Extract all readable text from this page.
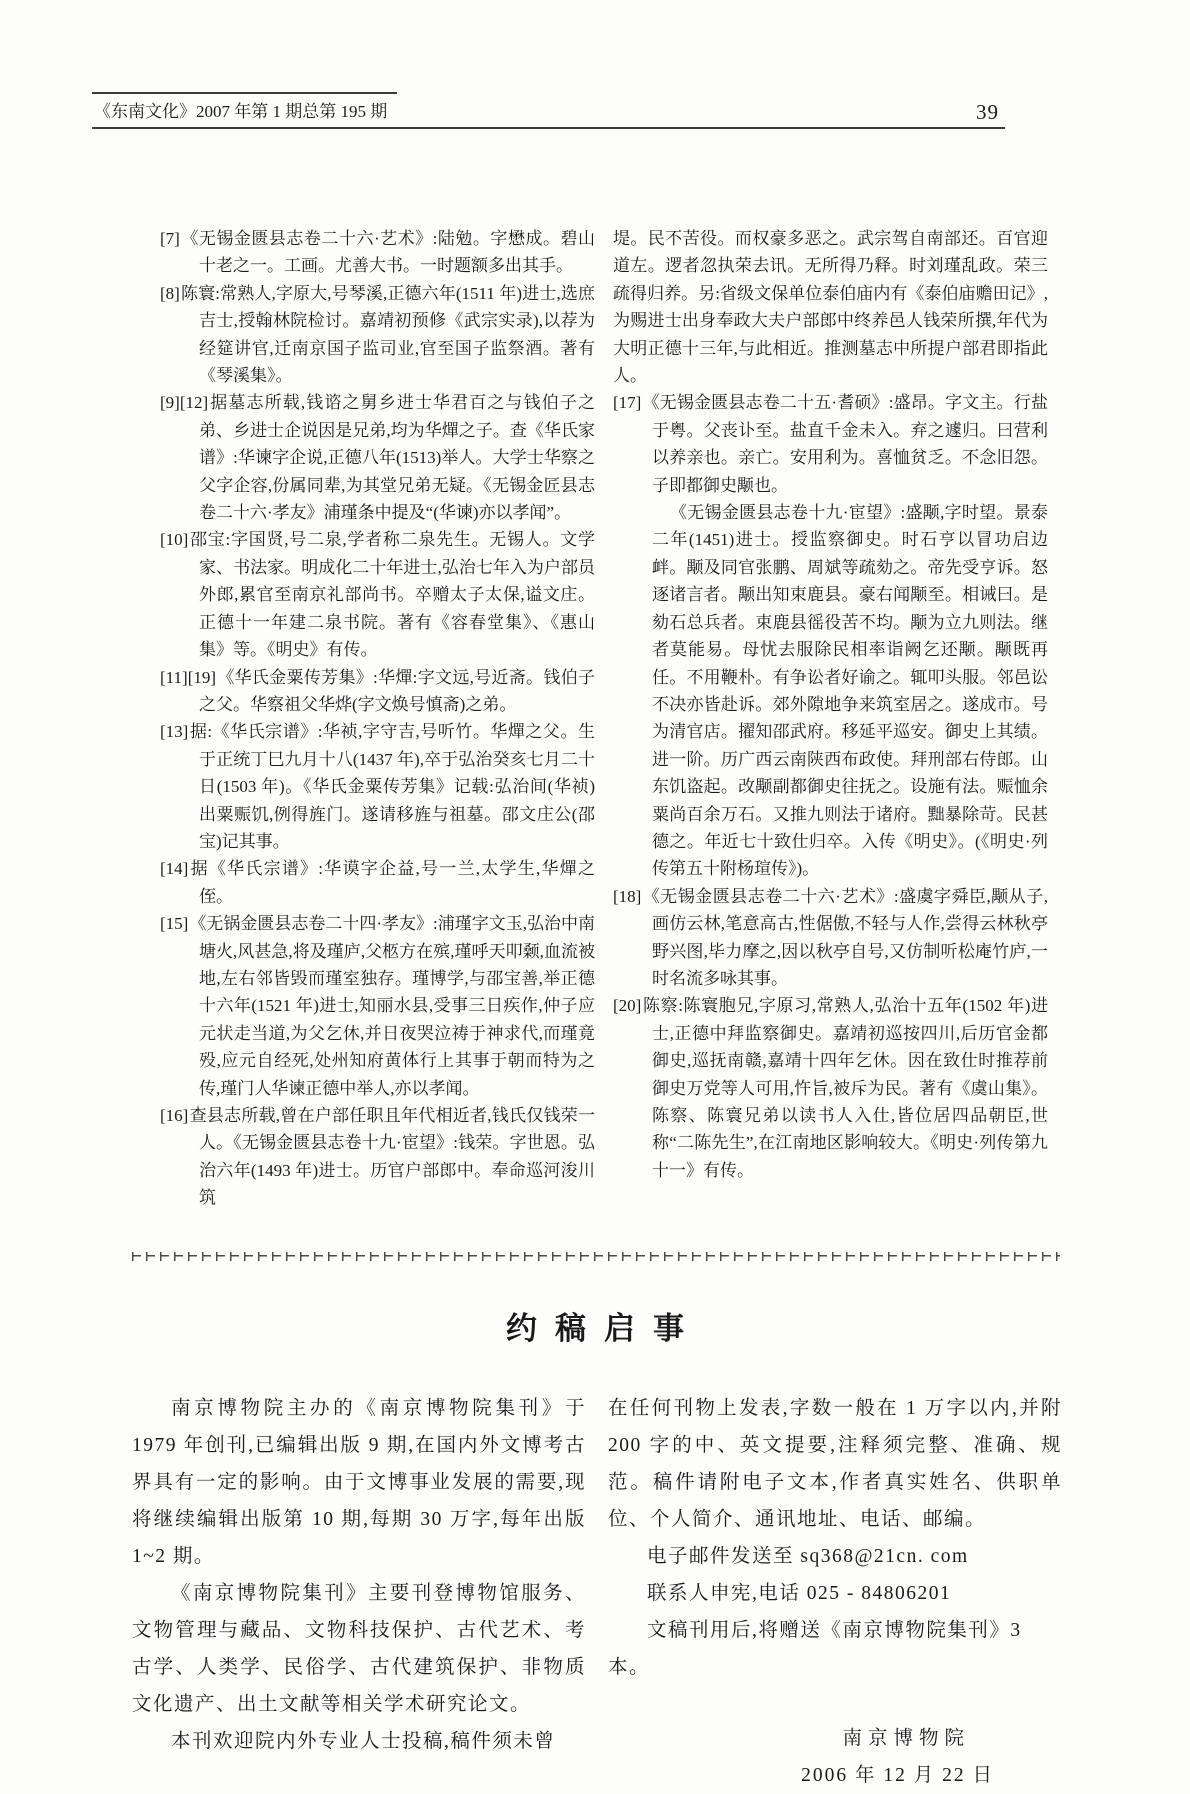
《东南文化》2007 年第 1 期总第 195 期	39
[7]《无锡金匮县志卷二十六·艺术》:陆勉。字懋成。碧山十老之一。工画。尤善大书。一时题额多出其手。
[8]陈寰:常熟人,字原大,号琴溪,正德六年(1511 年)进士,选庶吉士,授翰林院检讨。嘉靖初预修《武宗实录),以荐为经筵讲官,迁南京国子监司业,官至国子监祭酒。著有《琴溪集》。
[9][12]据墓志所载,钱谘之舅乡进士华君百之与钱伯子之弟、乡进士企说因是兄弟,均为华燀之子。查《华氏家谱》:华谏字企说,正德八年(1513)举人。大学士华察之父字企容,份属同辈,为其堂兄弟无疑。《无锡金匠县志卷二十六·孝友》浦瑾条中提及“(华谏)亦以孝闻”。
[10]邵宝:字国贤,号二泉,学者称二泉先生。无锡人。文学家、书法家。明成化二十年进士,弘治七年入为户部员外郎,累官至南京礼部尚书。卒赠太子太保,谥文庄。正德十一年建二泉书院。著有《容春堂集》、《惠山集》等。《明史》有传。
[11][19]《华氏金粟传芳集》:华燀:字文远,号近斋。钱伯子之父。华察祖父华烨(字文焕号慎斋)之弟。
[13]据:《华氏宗谱》:华祯,字守吉,号听竹。华燀之父。生于正统丁巳九月十八(1437 年),卒于弘治癸亥七月二十日(1503 年)。《华氏金粟传芳集》记载:弘治间(华祯)出粟赈饥,例得旌门。遂请移旌与祖墓。邵文庄公(邵宝)记其事。
[14]据《华氏宗谱》:华谟字企益,号一兰,太学生,华燀之侄。
[15]《无锅金匮县志卷二十四·孝友》:浦瑾字文玉,弘治中南塘火,风甚急,将及瑾庐,父柩方在殡,瑾呼天叩颡,血流被地,左右邻皆毁而瑾室独存。瑾博学,与邵宝善,举正德十六年(1521 年)进士,知丽水县,受事三日疾作,仲子应元状走当道,为父乞休,并日夜哭泣祷于神求代,而瑾竟殁,应元自经死,处州知府黄体行上其事于朝而特为之传,瑾门人华谏正德中举人,亦以孝闻。
[16]查县志所载,曾在户部任职且年代相近者,钱氏仅钱荣一人。《无锡金匮县志卷十九·宦望》:钱荣。字世恩。弘治六年(1493 年)进士。历官户部郎中。奉命巡河浚川筑
堤。民不苦役。而权豪多恶之。武宗驾自南部还。百官迎道左。逻者忽执荣去讯。无所得乃释。时刘瑾乱政。荣三疏得归养。另:省级文保单位泰伯庙内有《泰伯庙赡田记》,为赐进士出身奉政大夫户部郎中终养邑人钱荣所撰,年代为大明正德十三年,与此相近。推测墓志中所提户部君即指此人。
[17]《无锡金匮县志卷二十五·耆硕》:盛昂。字文主。行盐于粤。父丧讣至。盐直千金未入。弃之遽归。曰营利以养亲也。亲亡。安用利为。喜恤贫乏。不念旧怨。子即都御史颙也。
《无锡金匮县志卷十九·宦望》:盛颙,字时望。景泰二年(1451)进士。授监察御史。时石亨以冒功启边衅。颙及同官张鹏、周斌等疏劾之。帝先受亨诉。怒逐诸言者。颙出知束鹿县。豪右闻颙至。相诫曰。是劾石总兵者。束鹿县徭役苦不均。颙为立九则法。继者莫能易。母忧去服除民相率诣阙乞还颙。颙既再任。不用鞭朴。有争讼者好谕之。辄叩头服。邻邑讼不决亦皆赴诉。郊外隙地争来筑室居之。遂成市。号为清官店。擢知邵武府。移延平巡安。御史上其绩。进一阶。历广西云南陕西布政使。拜刑部右侍郎。山东饥盗起。改颙副都御史往抚之。设施有法。赈恤余粟尚百余万石。又推九则法于诸府。黜暴除苛。民甚德之。年近七十致仕归卒。入传《明史》。(《明史·列传第五十附杨瑄传》)。
[18]《无锡金匮县志卷二十六·艺术》:盛虞字舜臣,颙从子,画仿云林,笔意高古,性倨傲,不轻与人作,尝得云林秋亭野兴图,毕力摩之,因以秋亭自号,又仿制听松庵竹庐,一时名流多咏其事。
[20]陈察:陈寰胞兄,字原习,常熟人,弘治十五年(1502 年)进士,正德中拜监察御史。嘉靖初巡按四川,后历官金都御史,巡抚南赣,嘉靖十四年乞休。因在致仕时推荐前御史万党等人可用,忤旨,被斥为民。著有《虞山集》。陈察、陈寰兄弟以读书人入仕,皆位居四品朝臣,世称“二陈先生”,在江南地区影响较大。《明史·列传第九十一》有传。
约稿启事

南京博物院主办的《南京博物院集刊》于 1979 年创刊,已编辑出版 9 期,在国内外文博考古界具有一定的影响。由于文博事业发展的需要,现将继续编辑出版第 10 期,每期 30 万字,每年出版 1~2 期。

《南京博物院集刊》主要刊登博物馆服务、文物管理与藏品、文物科技保护、古代艺术、考古学、人类学、民俗学、古代建筑保护、非物质文化遗产、出土文献等相关学术研究论文。

本刊欢迎院内外专业人士投稿,稿件须未曾

在任何刊物上发表,字数一般在 1 万字以内,并附 200 字的中、英文提要,注释须完整、准确、规范。稿件请附电子文本,作者真实姓名、供职单位、个人简介、通讯地址、电话、邮编。

电子邮件发送至 sq368@21cn. com

联系人申宪,电话 025 - 84806201

文稿刊用后,将赠送《南京博物院集刊》3 本。

南京博物院
2006 年 12 月 22 日
